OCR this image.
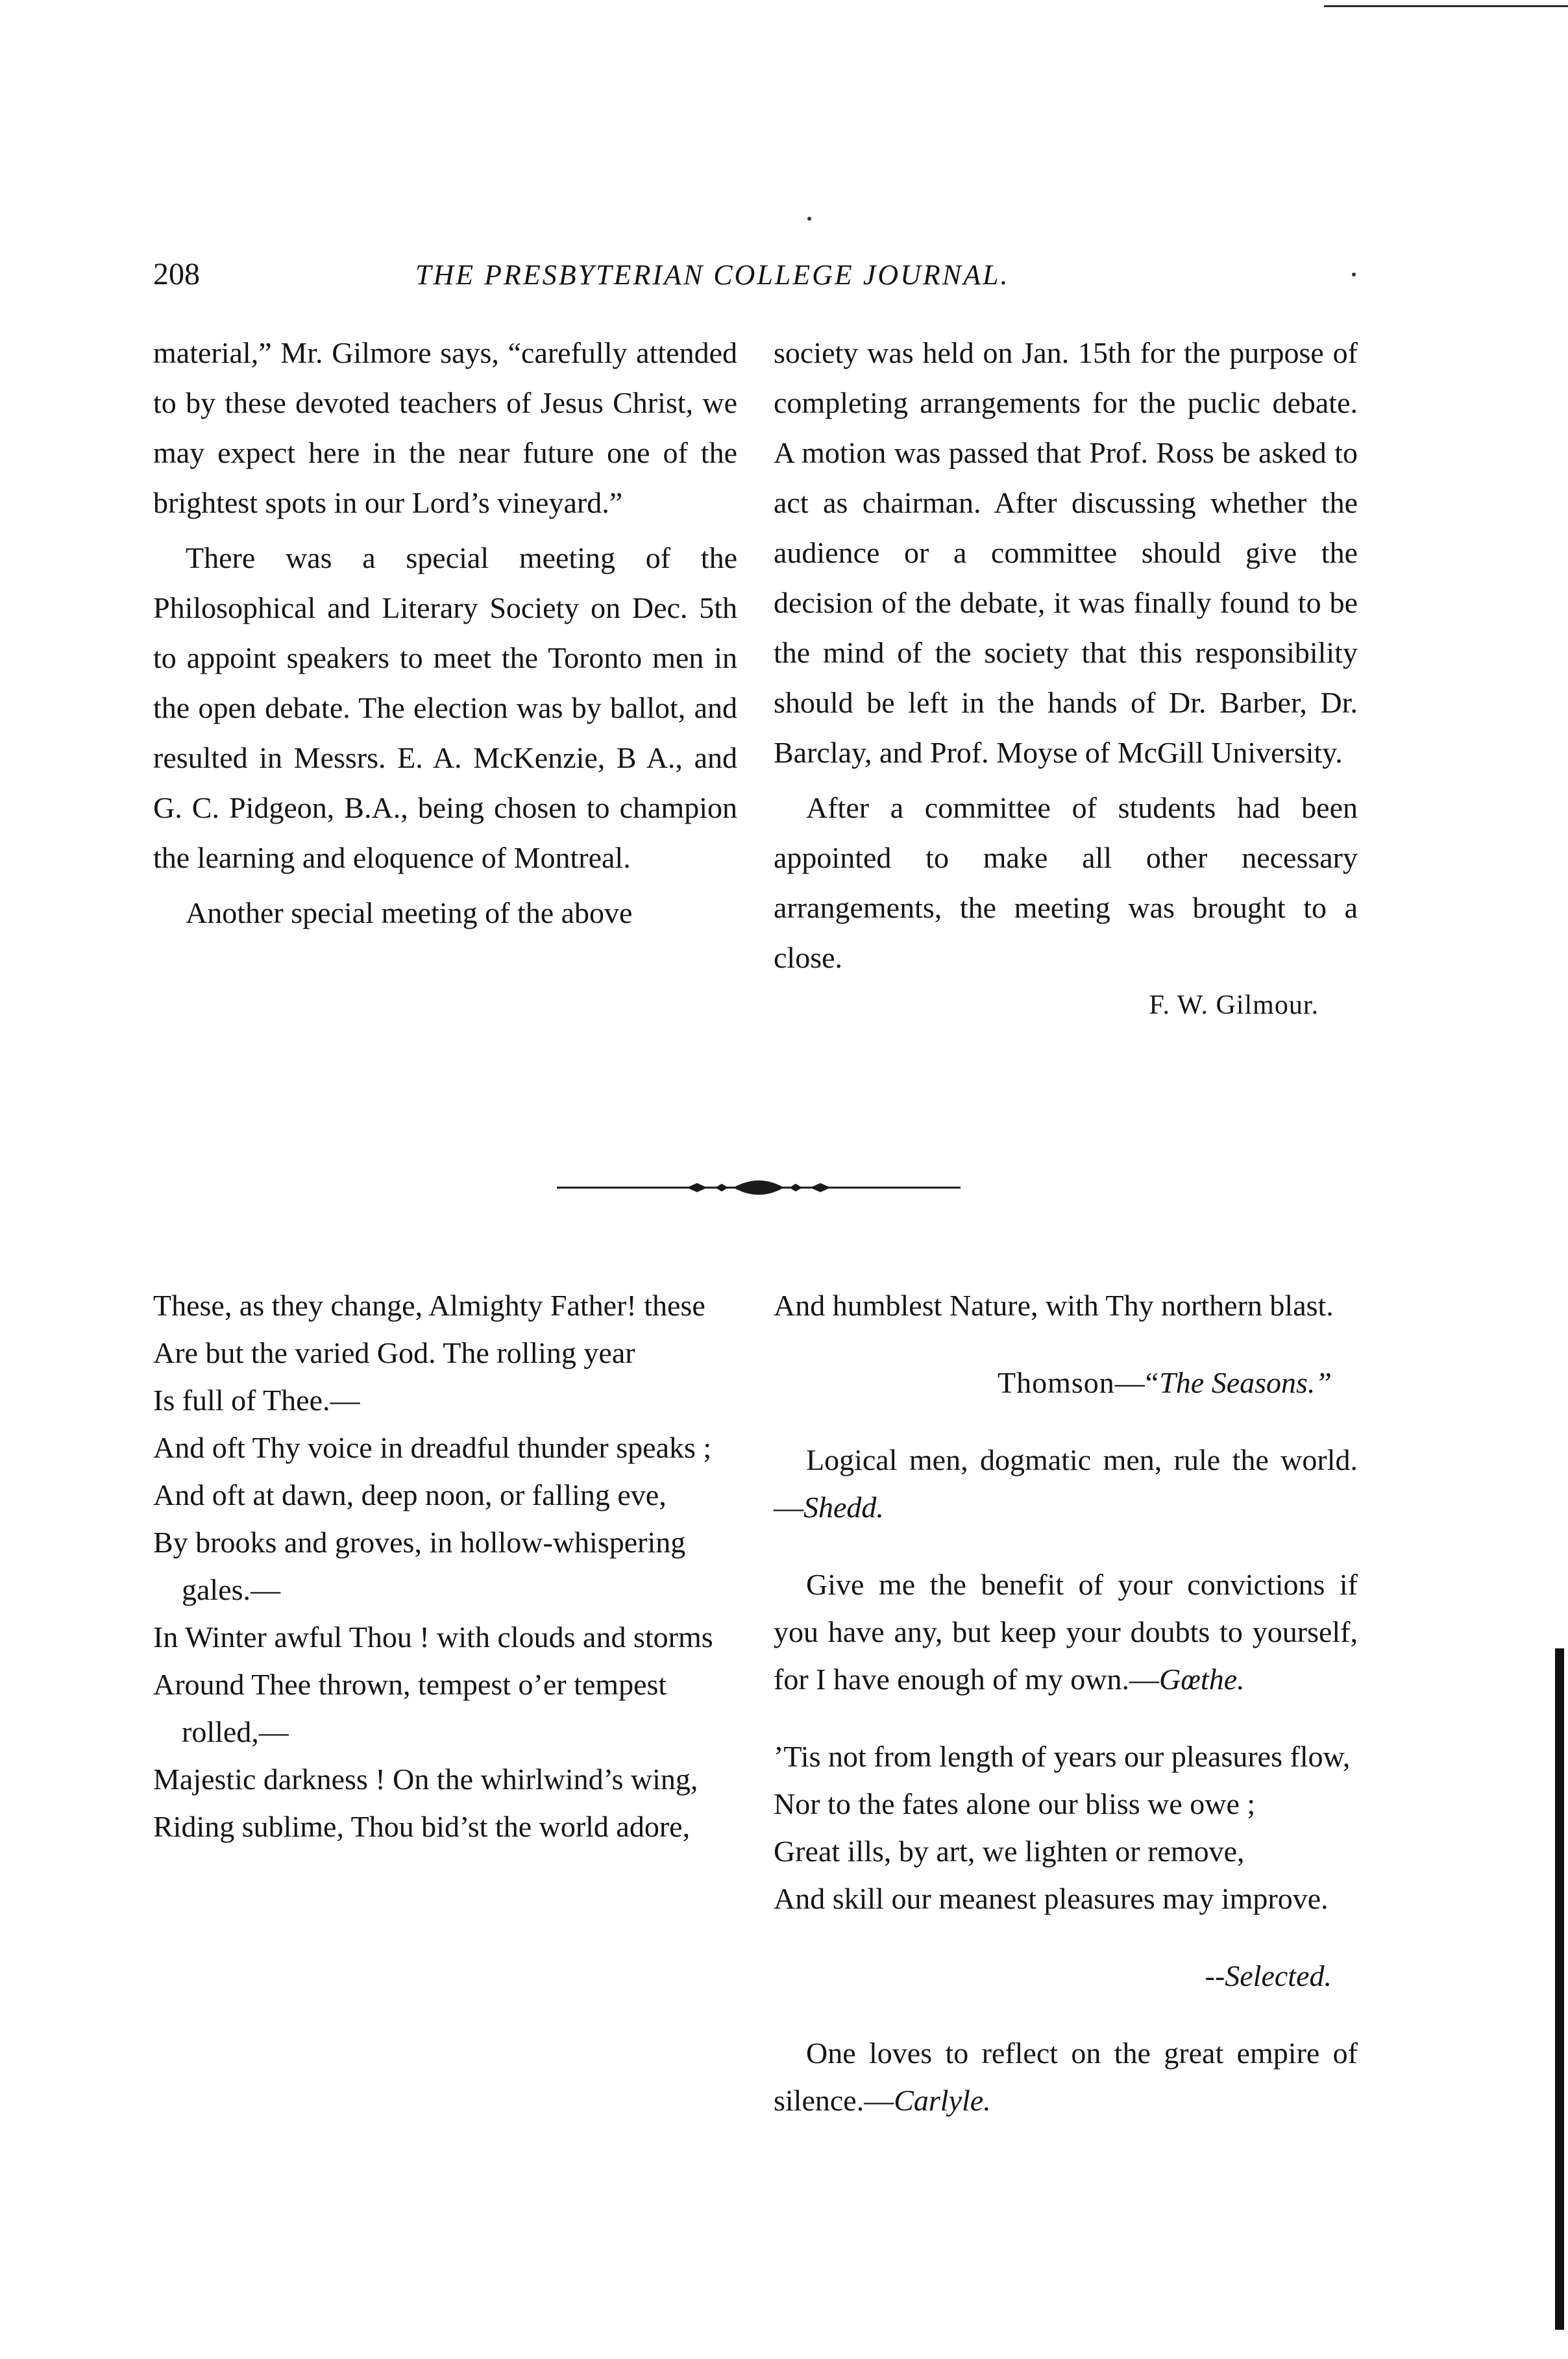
208	THE PRESBYTERIAN COLLEGE JOURNAL.

material,” Mr. Gilmore says, “carefully attended to by these devoted teachers of Jesus Christ, we may expect here in the near future one of the brightest spots in our Lord’s vineyard.”

There was a special meeting of the Philosophical and Literary Society on Dec. 5th to appoint speakers to meet the Toronto men in the open debate. The election was by ballot, and resulted in Messrs. E. A. McKenzie, B A., and G. C. Pidgeon, B.A., being chosen to champion the learning and eloquence of Montreal.

Another special meeting of the above

society was held on Jan. 15th for the purpose of completing arrangements for the puclic debate. A motion was passed that Prof. Ross be asked to act as chairman. After discussing whether the audience or a committee should give the decision of the debate, it was finally found to be the mind of the society that this responsibility should be left in the hands of Dr. Barber, Dr. Barclay, and Prof. Moyse of McGill University.

After a committee of students had been appointed to make all other necessary arrangements, the meeting was brought to a close.

F. W. Gilmour.

These, as they change, Almighty Father! these

Are but the varied God. The rolling year

Is full of Thee.—

And oft Thy voice in dreadful thunder speaks ;

And oft at dawn, deep noon, or falling eve,

By brooks and groves, in hollow-whispering gales.—

In Winter awful Thou ! with clouds and storms

Around Thee thrown, tempest o’er tempest rolled,—

Majestic darkness ! On the whirlwind’s wing,

Riding sublime, Thou bid’st the world adore,

And humblest Nature, with Thy northern blast.

Thomson—“The Seasons.”

Logical men, dogmatic men, rule the world.—Shedd.

Give me the benefit of your convictions if you have any, but keep your doubts to yourself, for I have enough of my own.—Gœthe.

’Tis not from length of years our pleasures flow,

Nor to the fates alone our bliss we owe ;

Great ills, by art, we lighten or remove,

And skill our meanest pleasures may improve.

--Selected.

One loves to reflect on the great empire of silence.—Carlyle.
